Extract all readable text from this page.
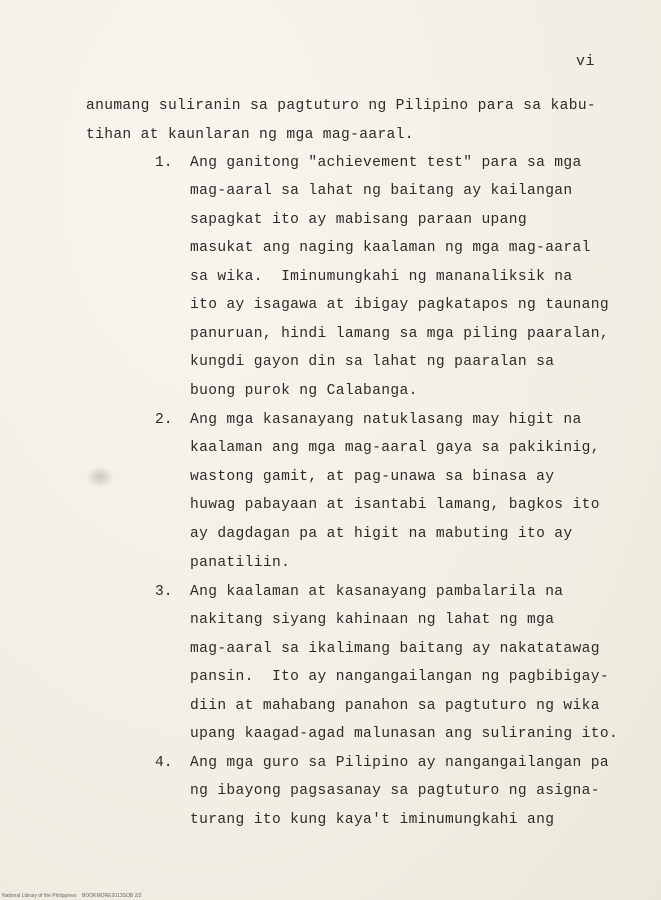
vi
anumang suliranin sa pagtuturo ng Pilipino para sa kabu-
tihan at kaunlaran ng mga mag-aaral.
1. Ang ganitong "achievement test" para sa mga
mag-aaral sa lahat ng baitang ay kailangan
sapagkat ito ay mabisang paraan upang
masukat ang naging kaalaman ng mga mag-aaral
sa wika.  Iminumungkahi ng mananaliksik na
ito ay isagawa at ibigay pagkatapos ng taunang
panuruan, hindi lamang sa mga piling paaralan,
kungdi gayon din sa lahat ng paaralan sa
buong purok ng Calabanga.
2. Ang mga kasanayang natuklasang may higit na
kaalaman ang mga mag-aaral gaya sa pakikinig,
wastong gamit, at pag-unawa sa binasa ay
huwag pabayaan at isantabi lamang, bagkos ito
ay dagdagan pa at higit na mabuting ito ay
panatiliin.
3. Ang kaalaman at kasanayang pambalarila na
nakitang siyang kahinaan ng lahat ng mga
mag-aaral sa ikalimang baitang ay nakatatawag
pansin.  Ito ay nangangailangan ng pagbibigay-
diin at mahabang panahon sa pagtuturo ng wika
upang kaagad-agad malunasan ang suliraning ito.
4. Ang mga guro sa Pilipino ay nangangailangan pa
ng ibayong pagsasanay sa pagtuturo ng asigna-
turang ito kung kaya't iminumungkahi ang
National Library of the Philippines    BOOKMORE2013SOB 2/2
